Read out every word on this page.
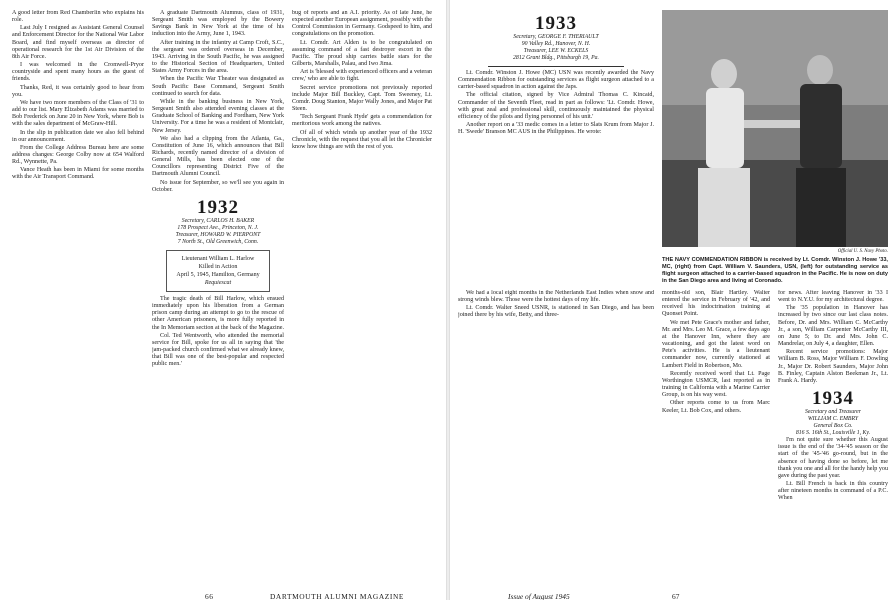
A good letter from Red Chamberlin who explains his role.

Last July I resigned as Assistant General Counsel and Enforcement Director for the National War Labor Board, and find myself overseas as director of operational research for the 1st Air Division of the 8th Air Force.

I was welcomed in the Cromwell-Pryor countryside and spent many hours as the guest of friends.

Thanks, Red, it was certainly good to hear from you.

We have two more members of the Class of '31 to add to our list. Mary Elizabeth Adams was married to Bob Frederick on June 20 in New York, where Bob is with the sales department of McGraw-Hill.

In the slip in publication date we also fell behind in our announcement.

From the College Address Bureau here are some address changes: George Colby now at 654 Walford Rd., Wynnette, Pa.

Vance Heath has been in Miami for some months with the Air Transport Command.

A graduate Dartmouth Alumnus, class of 1931, Sergeant Smith was employed by the Bowery Savings Bank in New York at the time of his induction into the Army, June 1, 1943.

After training in the infantry at Camp Croft, S.C., the sergeant was ordered overseas in December, 1943. Arriving in the South Pacific, he was assigned to the Historical Section of Headquarters, United States Army Forces in the area.

When the Pacific War Theater was designated as South Pacific Base Command, Sergeant Smith continued to search for data.

While in the banking business in New York, Sergeant Smith also attended evening classes at the Graduate School of Banking and Fordham, New York University. For a time he was a resident of Montclair, New Jersey.

We also had a clipping from the Atlanta, Ga., Constitution of June 16, which announces that Bill Richards, recently named director of a division of General Mills, has been elected one of the Councillors representing District Five of the Dartmouth Alumni Council.

No issue for September, so we'll see you again in October.

1932
Secretary, CARLOS H. BAKER
178 Prospect Ave., Princeton, N. J.
Treasurer, HOWARD W. PIERPONT
7 North St., Old Greenwich, Conn.
Lieutenant William L. Harlow
Killed in Action
April 5, 1945, Hamilton, Germany
Requiescat

The tragic death of Bill Harlow, which ensued immediately upon his liberation from a German prison camp during an attempt to go to the rescue of other American prisoners, is more fully reported in the In Memoriam section at the back of the Magazine.

Col. Ted Wentworth, who attended the memorial service for Bill, spoke for us all in saying that 'the jam-packed church confirmed what we already knew, that Bill was one of the best-popular and respected public men.'

bug of reports and an A.I. priority. As of late June, he expected another European assignment, possibly with the Control Commission in Germany. Godspeed to him, and congratulations on the promotion.

Lt. Comdr. Art Alden is to be congratulated on assuming command of a fast destroyer escort in the Pacific. The proud ship carries battle stars for the Gilberts, Marshalls, Palau, and Iwo Jima.

Art is 'blessed with experienced officers and a veteran crew,' who are able to fight.

Secret service promotions not previously reported include Major Bill Buckley, Capt. Tom Sweeney, Lt. Comdr. Doug Stanton, Major Wally Jones, and Major Pat Steen.

'Tech Sergeant Frank Hyde' gets a commendation for meritorious work among the natives.

Of all of which winds up another year of the 1932 Chronicle, with the request that you all let the Chronicler know how things are with the rest of you.

66	DARTMOUTH ALUMNI MAGAZINE
1933
Secretary, GEORGE F. THERIAULT
90 Valley Rd., Hanover, N. H.
Treasurer, LEE W. ECKELS
2812 Grant Bldg., Pittsburgh 19, Pa.

Lt. Comdr. Winston J. Howe (MC) USN was recently awarded the Navy Commendation Ribbon for outstanding services as flight surgeon attached to a carrier-based squadron in action against the Japs.

The official citation, signed by Vice Admiral Thomas C. Kincaid, Commander of the Seventh Fleet, read in part as follows: 'Lt. Comdr. Howe, with great zeal and professional skill, continuously maintained the physical efficiency of the pilots and flying personnel of his unit.'

Another report on a '33 medic comes in a letter to Slats Krum from Major J. H. 'Swede' Branson MC AUS in the Philippines. He wrote:

Official U. S. Navy Photo.
THE NAVY COMMENDATION RIBBON is received by Lt. Comdr. Winston J. Howe '33, MC, (right) from Capt. William V. Saunders, USN, (left) for outstanding service as flight surgeon attached to a carrier-based squadron in the Pacific. He is now on duty in the San Diego area and living at Coronado.

We had a local eight months in the Netherlands East Indies when snow and strong winds blew. Those were the hottest days of my life.

Lt. Comdr. Walter Sneed USNR, is stationed in San Diego, and has been joined there by his wife, Betty, and three-

months-old son, Blair Hartley. Walter entered the service in February of '42, and received his indoctrination training at Quonset Point.

We met Pete Grace's mother and father, Mr. and Mrs. Leo M. Grace, a few days ago at the Hanover Inn, where they are vacationing, and got the latest word on Pete's activities. He is a lieutenant commander now, currently stationed at Lambert Field in Robertson, Mo.

Recently received word that Lt. Page Worthington USMCR, last reported as in training in California with a Marine Carrier Group, is on his way west.

Other reports come to us from Marc Keeler, Lt. Bob Cox, and others.

for news. After leaving Hanover in '33 I went to N.Y.U. for my architectural degree.

The '35 population in Hanover has increased by two since our last class notes. Before, Dr. and Mrs. William C. McCarthy Jr., a son, William Carpenter McCarthy III, on June 5; to Dr. and Mrs. John C. Mandrelar, on July 4, a daughter, Ellen.

Recent service promotions: Major William B. Ross, Major William F. Dowling Jr., Major Dr. Robert Saunders, Major John B. Finley, Captain Alston Beekman Jr., Lt. Frank A. Hardy.

1934
Secretary and Treasurer
WILLIAM C. EMBRY
General Box Co.
816 S. 16th St., Louisville 1, Ky.

I'm not quite sure whether this August issue is the end of the '34-'45 season or the start of the '45-'46 go-round, but in the absence of having done so before, let me thank you one and all for the handy help you gave during the past year.

Lt. Bill French is back in this country after nineteen months in command of a P.C. When

Issue of August 1945	67
